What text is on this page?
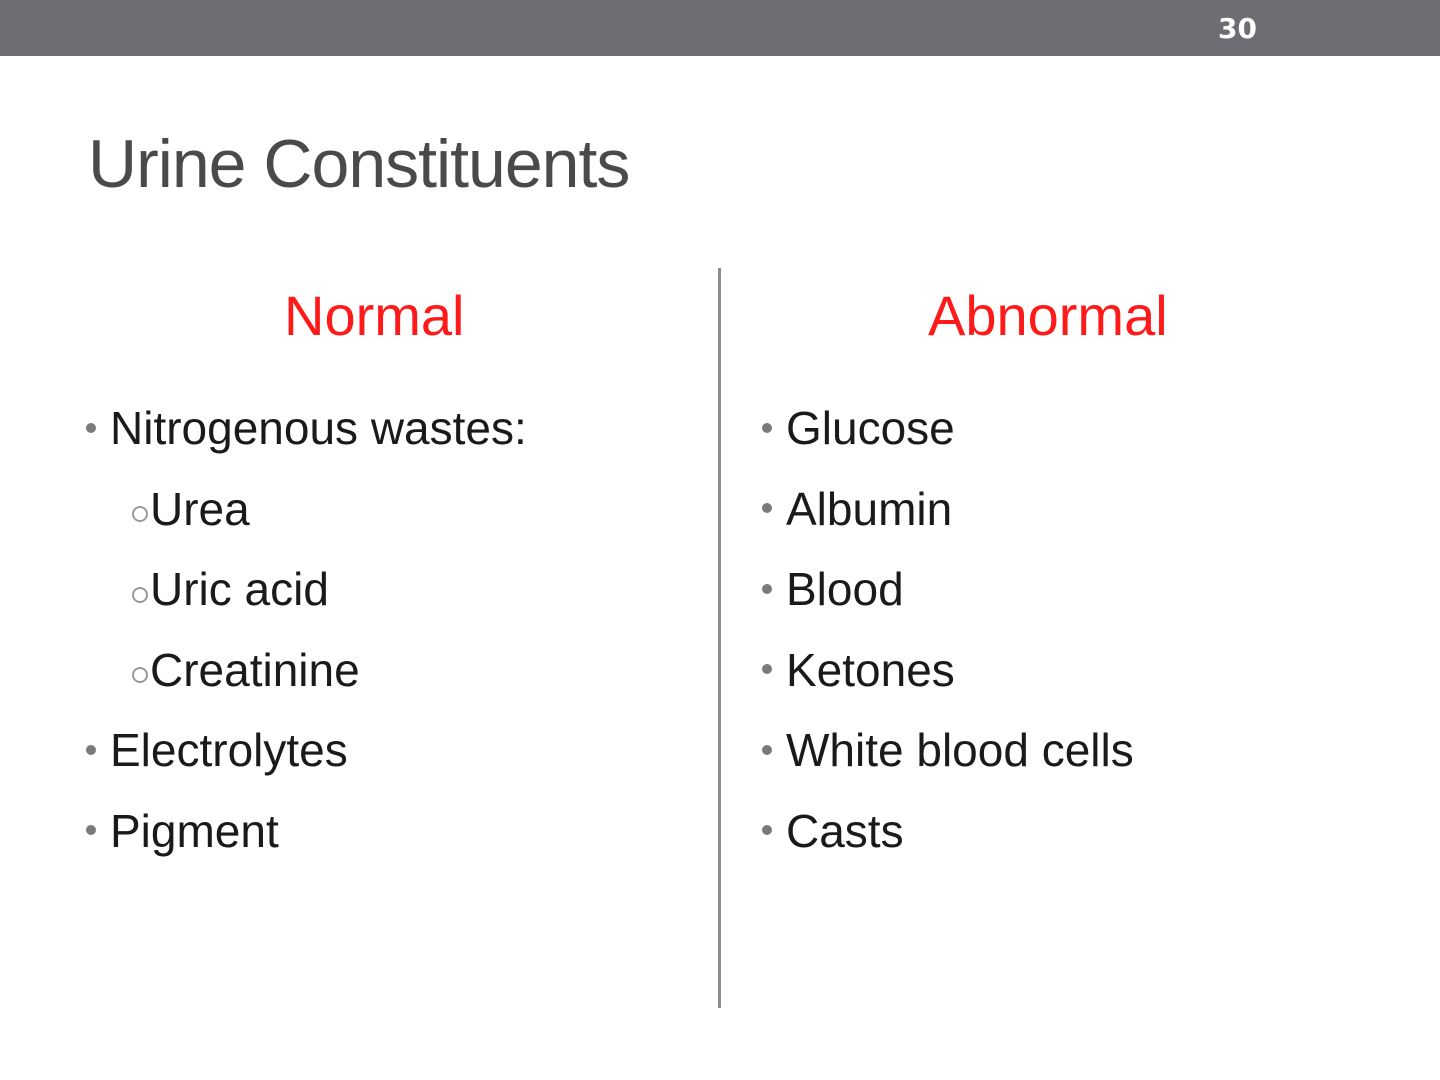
30
Urine Constituents
Normal
Nitrogenous wastes:
Urea
Uric acid
Creatinine
Electrolytes
Pigment
Abnormal
Glucose
Albumin
Blood
Ketones
White blood cells
Casts
